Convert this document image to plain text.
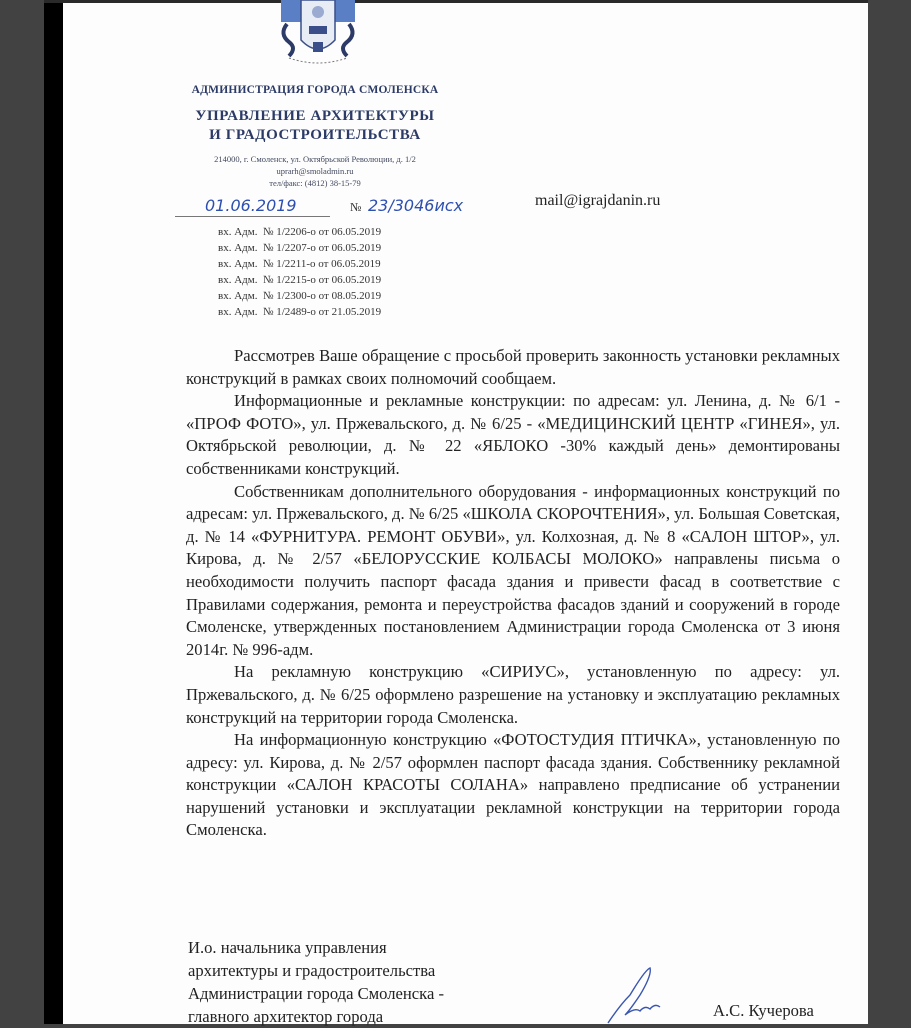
АДМИНИСТРАЦИЯ ГОРОДА СМОЛЕНСКА
УПРАВЛЕНИЕ АРХИТЕКТУРЫ
И ГРАДОСТРОИТЕЛЬСТВА
214000, г. Смоленск, ул. Октябрьской Революции, д. 1/2
uprarh@smoladmin.ru
тел/факс: (4812) 38-15-79
01.06.2019	№ 23/3046исх	mail@igrajdanin.ru
вх. Адм.  № 1/2206-о от 06.05.2019
вх. Адм.  № 1/2207-о от 06.05.2019
вх. Адм.  № 1/2211-о от 06.05.2019
вх. Адм.  № 1/2215-о от 06.05.2019
вх. Адм.  № 1/2300-о от 08.05.2019
вх. Адм.  № 1/2489-о от 21.05.2019

Рассмотрев Ваше обращение с просьбой проверить законность установки рекламных конструкций в рамках своих полномочий сообщаем.

Информационные и рекламные конструкции: по адресам: ул. Ленина, д. № 6/1 - «ПРОФ ФОТО», ул. Пржевальского, д. № 6/25 - «МЕДИЦИНСКИЙ ЦЕНТР «ГИНЕЯ», ул. Октябрьской революции, д. № 22 «ЯБЛОКО -30% каждый день» демонтированы собственниками конструкций.

Собственникам дополнительного оборудования - информационных конструкций по адресам: ул. Пржевальского, д. № 6/25 «ШКОЛА СКОРОЧТЕНИЯ», ул. Большая Советская, д. № 14 «ФУРНИТУРА. РЕМОНТ ОБУВИ», ул. Колхозная, д. № 8 «САЛОН ШТОР», ул. Кирова, д. № 2/57 «БЕЛОРУССКИЕ КОЛБАСЫ МОЛОКО» направлены письма о необходимости получить паспорт фасада здания и привести фасад в соответствие с Правилами содержания, ремонта и переустройства фасадов зданий и сооружений в городе Смоленске, утвержденных постановлением Администрации города Смоленска от 3 июня 2014г. № 996-адм.

На рекламную конструкцию «СИРИУС», установленную по адресу: ул. Пржевальского, д. № 6/25 оформлено разрешение на установку и эксплуатацию рекламных конструкций на территории города Смоленска.

На информационную конструкцию «ФОТОСТУДИЯ ПТИЧКА», установленную по адресу: ул. Кирова, д. № 2/57 оформлен паспорт фасада здания. Собственнику рекламной конструкции «САЛОН КРАСОТЫ СОЛАНА» направлено предписание об устранении нарушений установки и эксплуатации рекламной конструкции на территории города Смоленска.

И.о. начальника управления
архитектуры и градостроительства
Администрации города Смоленска -
главного архитектор города	А.С. Кучерова
